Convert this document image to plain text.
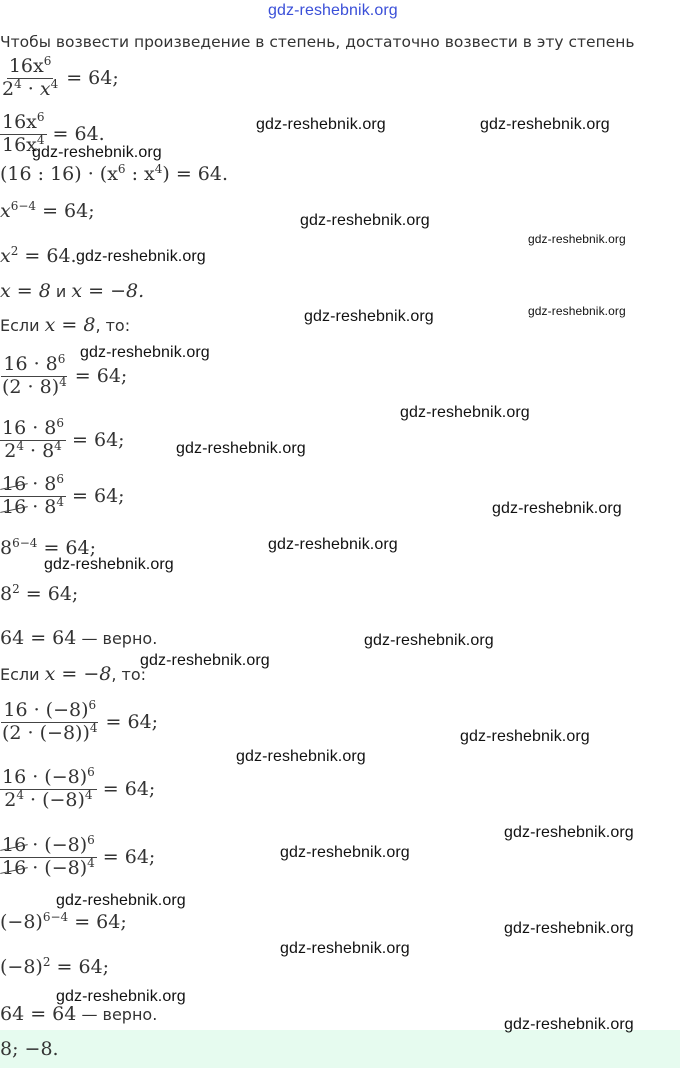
gdz-reshebnik.org
Чтобы возвести произведение в степень, достаточно возвести в эту степень
$\frac{16x^6}{2^4 \cdot x^4} = 64$;
$\frac{16x^6}{16x^4} = 64$.
(16 : $16) \cdot (x^6$ : $x^4) = 64$.
$x^{6-4} = 64$;
$x^2 = 64$.
x = 8 и x = −8.
Если x = 8, то:
$\frac{16 \cdot 8^6}{(2 \cdot 8)^4} = 64$;
$\frac{16 \cdot 8^6}{2^4 \cdot 8^4} = 64$;
$\frac{16 \cdot 8^6}{16 \cdot 8^4} = 64$;
$8^{6-4} = 64$;
$8^2 = 64$;
64 = 64 — верно.
Если x = −8, то:
$\frac{16 \cdot (-8)^6}{(2 \cdot (-8))^4} = 64$;
$\frac{16 \cdot (-8)^6}{2^4 \cdot (-8)^4} = 64$;
$\frac{16 \cdot (-8)^6}{16 \cdot (-8)^4} = 64$;
$(-8)^{6-4} = 64$;
$(-8)^2 = 64$;
64 = 64 — верно.
8; −8.
gdz-reshebnik.org	gdz-reshebnik.org
gdz-reshebnik.org
gdz-reshebnik.org
gdz-reshebnik.org
gdz-reshebnik.org
gdz-reshebnik.org	gdz-reshebnik.org
gdz-reshebnik.org
gdz-reshebnik.org
gdz-reshebnik.org
gdz-reshebnik.org
gdz-reshebnik.org
gdz-reshebnik.org
gdz-reshebnik.org
gdz-reshebnik.org
gdz-reshebnik.org
gdz-reshebnik.org
gdz-reshebnik.org
gdz-reshebnik.org
gdz-reshebnik.org
gdz-reshebnik.org
gdz-reshebnik.org
gdz-reshebnik.org
gdz-reshebnik.org
